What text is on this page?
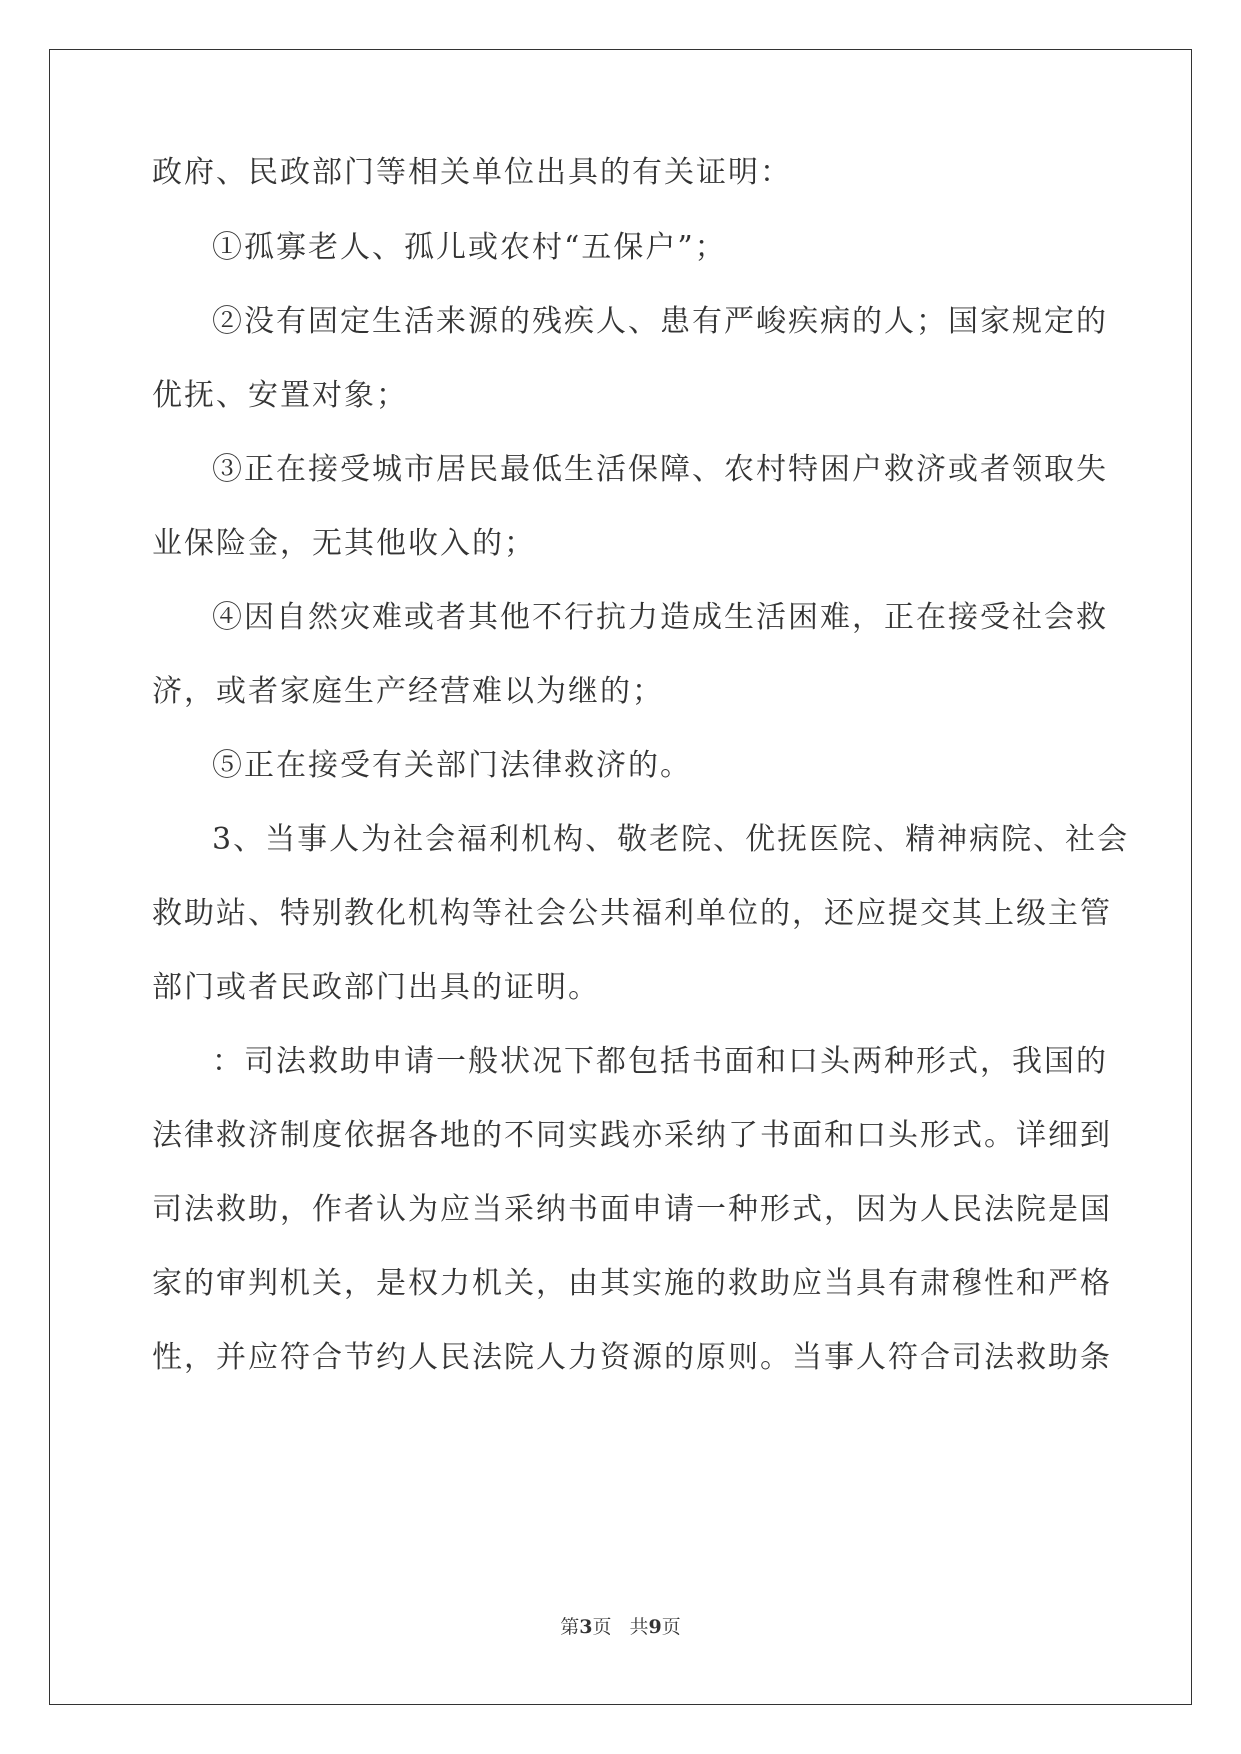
政府、民政部门等相关单位出具的有关证明：
①孤寡老人、孤儿或农村“五保户”；
②没有固定生活来源的残疾人、患有严峻疾病的人；国家规定的
优抚、安置对象；
③正在接受城市居民最低生活保障、农村特困户救济或者领取失
业保险金，无其他收入的；
④因自然灾难或者其他不行抗力造成生活困难，正在接受社会救
济，或者家庭生产经营难以为继的；
⑤正在接受有关部门法律救济的。
3、当事人为社会福利机构、敬老院、优抚医院、精神病院、社会
救助站、特别教化机构等社会公共福利单位的，还应提交其上级主管
部门或者民政部门出具的证明。
：司法救助申请一般状况下都包括书面和口头两种形式，我国的
法律救济制度依据各地的不同实践亦采纳了书面和口头形式。详细到
司法救助，作者认为应当采纳书面申请一种形式，因为人民法院是国
家的审判机关，是权力机关，由其实施的救助应当具有肃穆性和严格
性，并应符合节约人民法院人力资源的原则。当事人符合司法救助条
第3页 共9页
